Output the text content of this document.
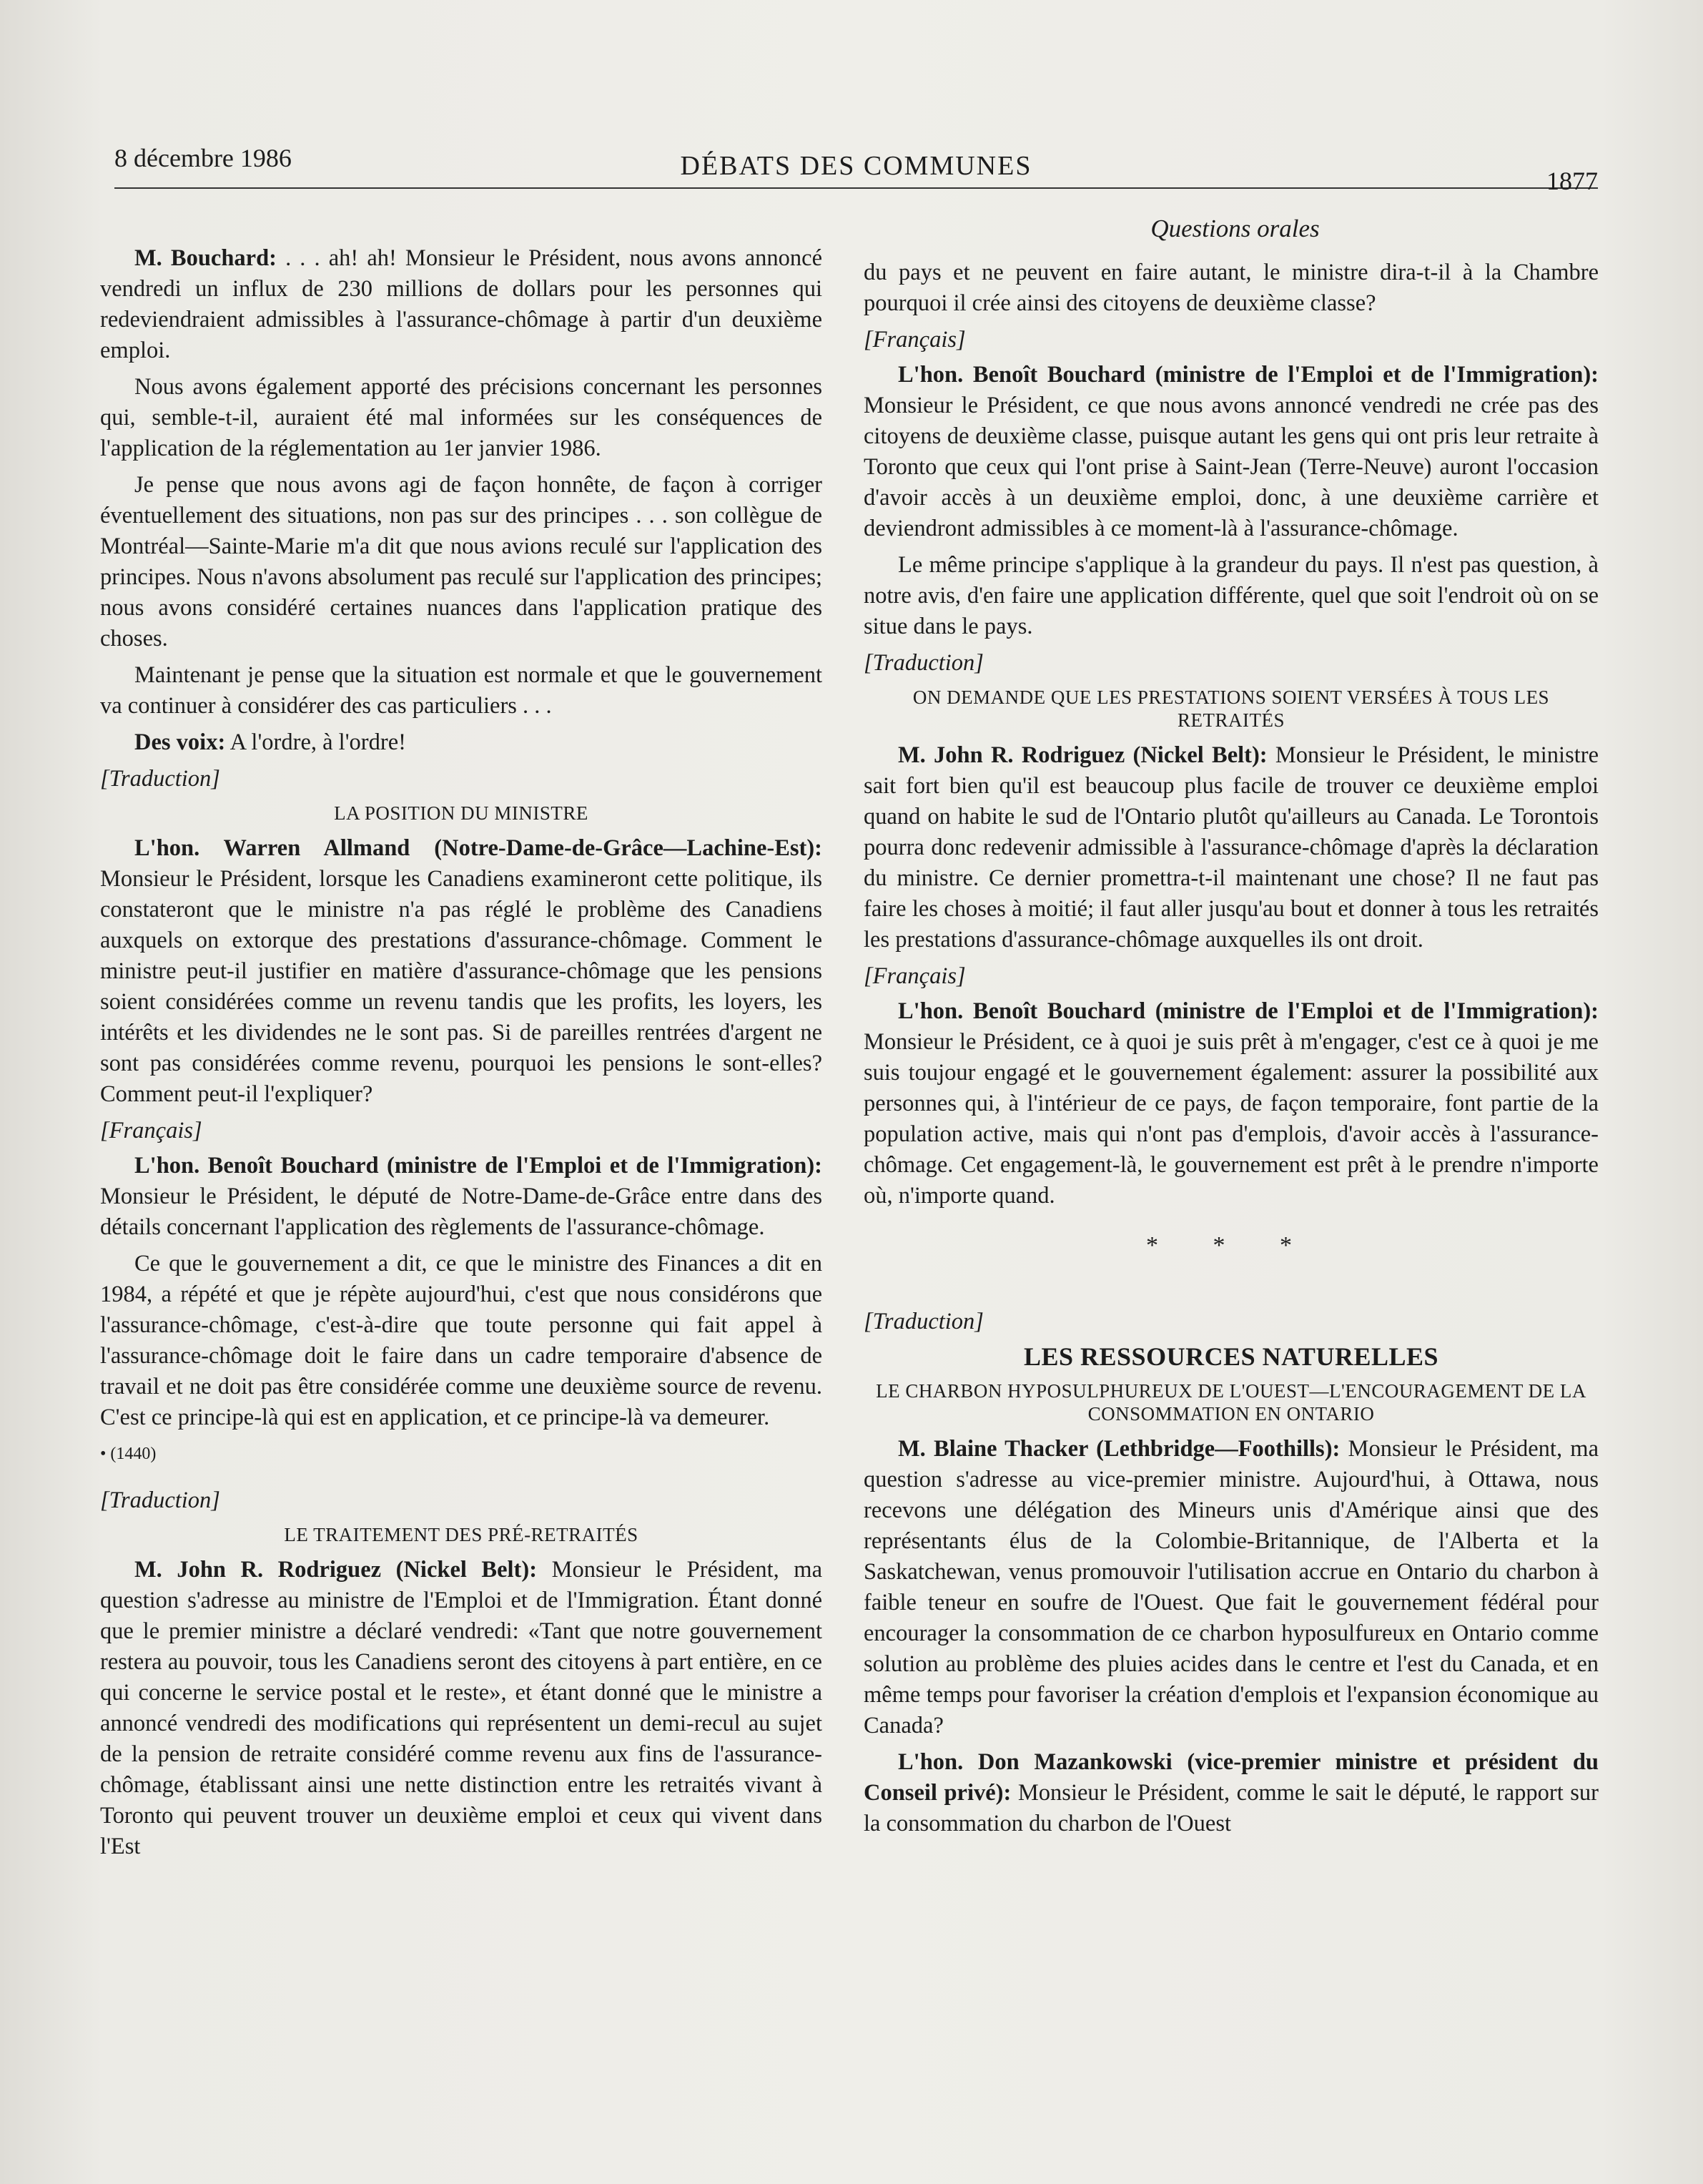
8 décembre 1986	DÉBATS DES COMMUNES	1877
Questions orales

M. Bouchard: . . . ah! ah! Monsieur le Président, nous avons annoncé vendredi un influx de 230 millions de dollars pour les personnes qui redeviendraient admissibles à l'assurance-chômage à partir d'un deuxième emploi.

Nous avons également apporté des précisions concernant les personnes qui, semble-t-il, auraient été mal informées sur les conséquences de l'application de la réglementation au 1er janvier 1986.

Je pense que nous avons agi de façon honnête, de façon à corriger éventuellement des situations, non pas sur des principes . . . son collègue de Montréal—Sainte-Marie m'a dit que nous avions reculé sur l'application des principes. Nous n'avons absolument pas reculé sur l'application des principes; nous avons considéré certaines nuances dans l'application pratique des choses.

Maintenant je pense que la situation est normale et que le gouvernement va continuer à considérer des cas particuliers . . .

Des voix: A l'ordre, à l'ordre!

[Traduction]

LA POSITION DU MINISTRE

L'hon. Warren Allmand (Notre-Dame-de-Grâce—Lachine-Est): Monsieur le Président, lorsque les Canadiens examineront cette politique, ils constateront que le ministre n'a pas réglé le problème des Canadiens auxquels on extorque des prestations d'assurance-chômage. Comment le ministre peut-il justifier en matière d'assurance-chômage que les pensions soient considérées comme un revenu tandis que les profits, les loyers, les intérêts et les dividendes ne le sont pas. Si de pareilles rentrées d'argent ne sont pas considérées comme revenu, pourquoi les pensions le sont-elles? Comment peut-il l'expliquer?

[Français]

L'hon. Benoît Bouchard (ministre de l'Emploi et de l'Immigration): Monsieur le Président, le député de Notre-Dame-de-Grâce entre dans des détails concernant l'application des règlements de l'assurance-chômage.

Ce que le gouvernement a dit, ce que le ministre des Finances a dit en 1984, a répété et que je répète aujourd'hui, c'est que nous considérons que l'assurance-chômage, c'est-à-dire que toute personne qui fait appel à l'assurance-chômage doit le faire dans un cadre temporaire d'absence de travail et ne doit pas être considérée comme une deuxième source de revenu. C'est ce principe-là qui est en application, et ce principe-là va demeurer.

• (1440)

[Traduction]

LE TRAITEMENT DES PRÉ-RETRAITÉS

M. John R. Rodriguez (Nickel Belt): Monsieur le Président, ma question s'adresse au ministre de l'Emploi et de l'Immigration. Étant donné que le premier ministre a déclaré vendredi: «Tant que notre gouvernement restera au pouvoir, tous les Canadiens seront des citoyens à part entière, en ce qui concerne le service postal et le reste», et étant donné que le ministre a annoncé vendredi des modifications qui représentent un demi-recul au sujet de la pension de retraite considéré comme revenu aux fins de l'assurance-chômage, établissant ainsi une nette distinction entre les retraités vivant à Toronto qui peuvent trouver un deuxième emploi et ceux qui vivent dans l'Est

du pays et ne peuvent en faire autant, le ministre dira-t-il à la Chambre pourquoi il crée ainsi des citoyens de deuxième classe?

[Français]

L'hon. Benoît Bouchard (ministre de l'Emploi et de l'Immigration): Monsieur le Président, ce que nous avons annoncé vendredi ne crée pas des citoyens de deuxième classe, puisque autant les gens qui ont pris leur retraite à Toronto que ceux qui l'ont prise à Saint-Jean (Terre-Neuve) auront l'occasion d'avoir accès à un deuxième emploi, donc, à une deuxième carrière et deviendront admissibles à ce moment-là à l'assurance-chômage.

Le même principe s'applique à la grandeur du pays. Il n'est pas question, à notre avis, d'en faire une application différente, quel que soit l'endroit où on se situe dans le pays.

[Traduction]

ON DEMANDE QUE LES PRESTATIONS SOIENT VERSÉES À TOUS LES RETRAITÉS

M. John R. Rodriguez (Nickel Belt): Monsieur le Président, le ministre sait fort bien qu'il est beaucoup plus facile de trouver ce deuxième emploi quand on habite le sud de l'Ontario plutôt qu'ailleurs au Canada. Le Torontois pourra donc redevenir admissible à l'assurance-chômage d'après la déclaration du ministre. Ce dernier promettra-t-il maintenant une chose? Il ne faut pas faire les choses à moitié; il faut aller jusqu'au bout et donner à tous les retraités les prestations d'assurance-chômage auxquelles ils ont droit.

[Français]

L'hon. Benoît Bouchard (ministre de l'Emploi et de l'Immigration): Monsieur le Président, ce à quoi je suis prêt à m'engager, c'est ce à quoi je me suis toujour engagé et le gouvernement également: assurer la possibilité aux personnes qui, à l'intérieur de ce pays, de façon temporaire, font partie de la population active, mais qui n'ont pas d'emplois, d'avoir accès à l'assurance-chômage. Cet engagement-là, le gouvernement est prêt à le prendre n'importe où, n'importe quand.

* * *

[Traduction]

LES RESSOURCES NATURELLES

LE CHARBON HYPOSULPHUREUX DE L'OUEST—L'ENCOURAGEMENT DE LA CONSOMMATION EN ONTARIO

M. Blaine Thacker (Lethbridge—Foothills): Monsieur le Président, ma question s'adresse au vice-premier ministre. Aujourd'hui, à Ottawa, nous recevons une délégation des Mineurs unis d'Amérique ainsi que des représentants élus de la Colombie-Britannique, de l'Alberta et la Saskatchewan, venus promouvoir l'utilisation accrue en Ontario du charbon à faible teneur en soufre de l'Ouest. Que fait le gouvernement fédéral pour encourager la consommation de ce charbon hyposulfureux en Ontario comme solution au problème des pluies acides dans le centre et l'est du Canada, et en même temps pour favoriser la création d'emplois et l'expansion économique au Canada?

L'hon. Don Mazankowski (vice-premier ministre et président du Conseil privé): Monsieur le Président, comme le sait le député, le rapport sur la consommation du charbon de l'Ouest
